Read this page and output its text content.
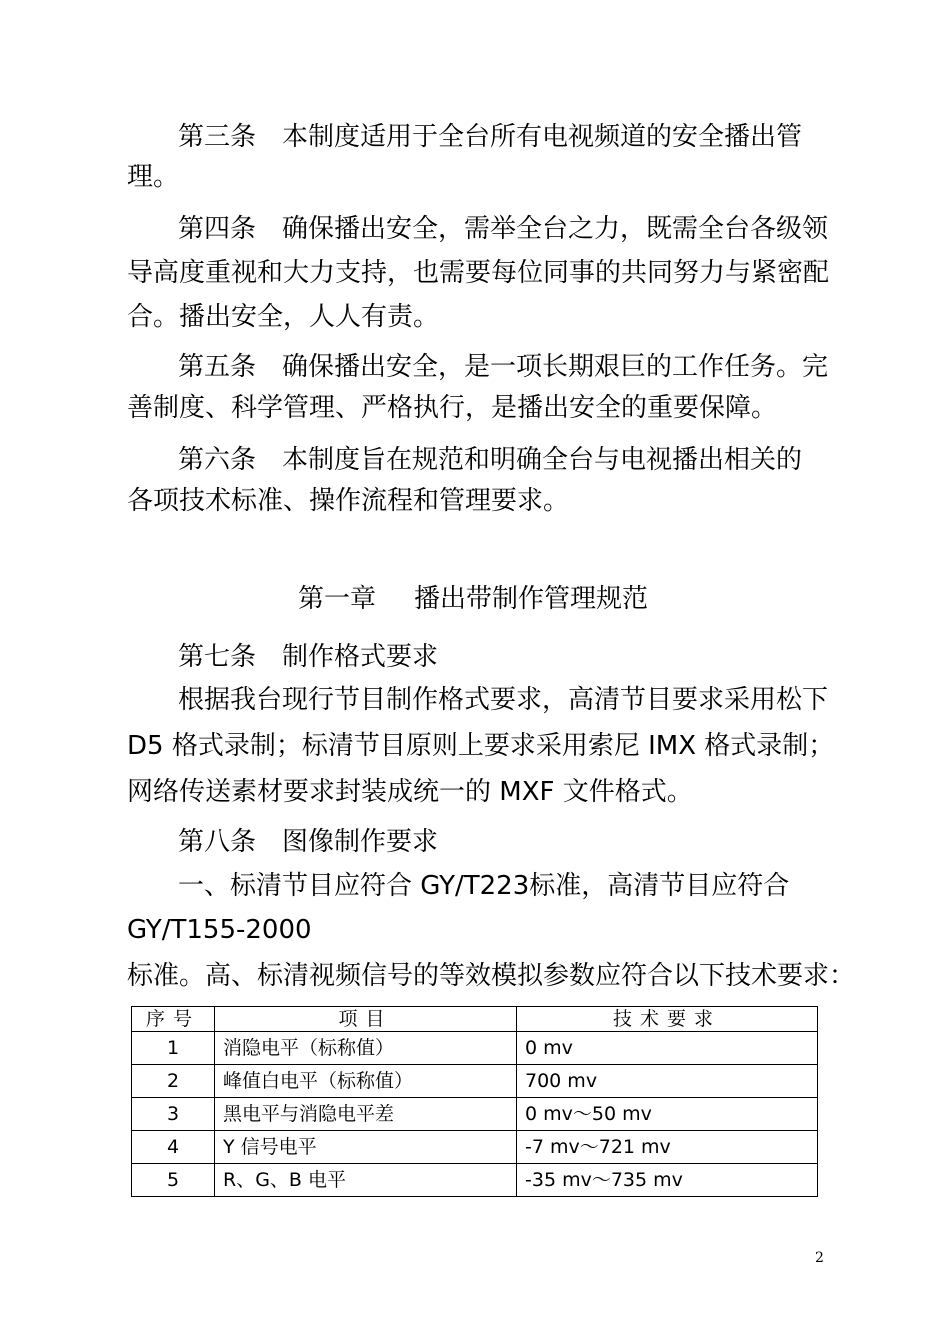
第三条 本制度适用于全台所有电视频道的安全播出管
理。
第四条 确保播出安全，需举全台之力，既需全台各级领
导高度重视和大力支持，也需要每位同事的共同努力与紧密配
合。播出安全，人人有责。
第五条 确保播出安全，是一项长期艰巨的工作任务。完
善制度、科学管理、严格执行，是播出安全的重要保障。
第六条 本制度旨在规范和明确全台与电视播出相关的
各项技术标准、操作流程和管理要求。
第一章 播出带制作管理规范
第七条 制作格式要求
根据我台现行节目制作格式要求，高清节目要求采用松下
D5 格式录制；标清节目原则上要求采用索尼 IMX 格式录制；
网络传送素材要求封装成统一的 MXF 文件格式。
第八条 图像制作要求
一、标清节目应符合 GY/T223标准，高清节目应符合
GY/T155-2000
标准。高、标清视频信号的等效模拟参数应符合以下技术要求：
序号	项目	技术要求
1	消隐电平（标称值）	0 mv
2	峰值白电平（标称值）	700 mv
3	黑电平与消隐电平差	0 mv～50 mv
4	Y 信号电平	-7 mv～721 mv
5	R、G、B 电平	-35 mv～735 mv
2
